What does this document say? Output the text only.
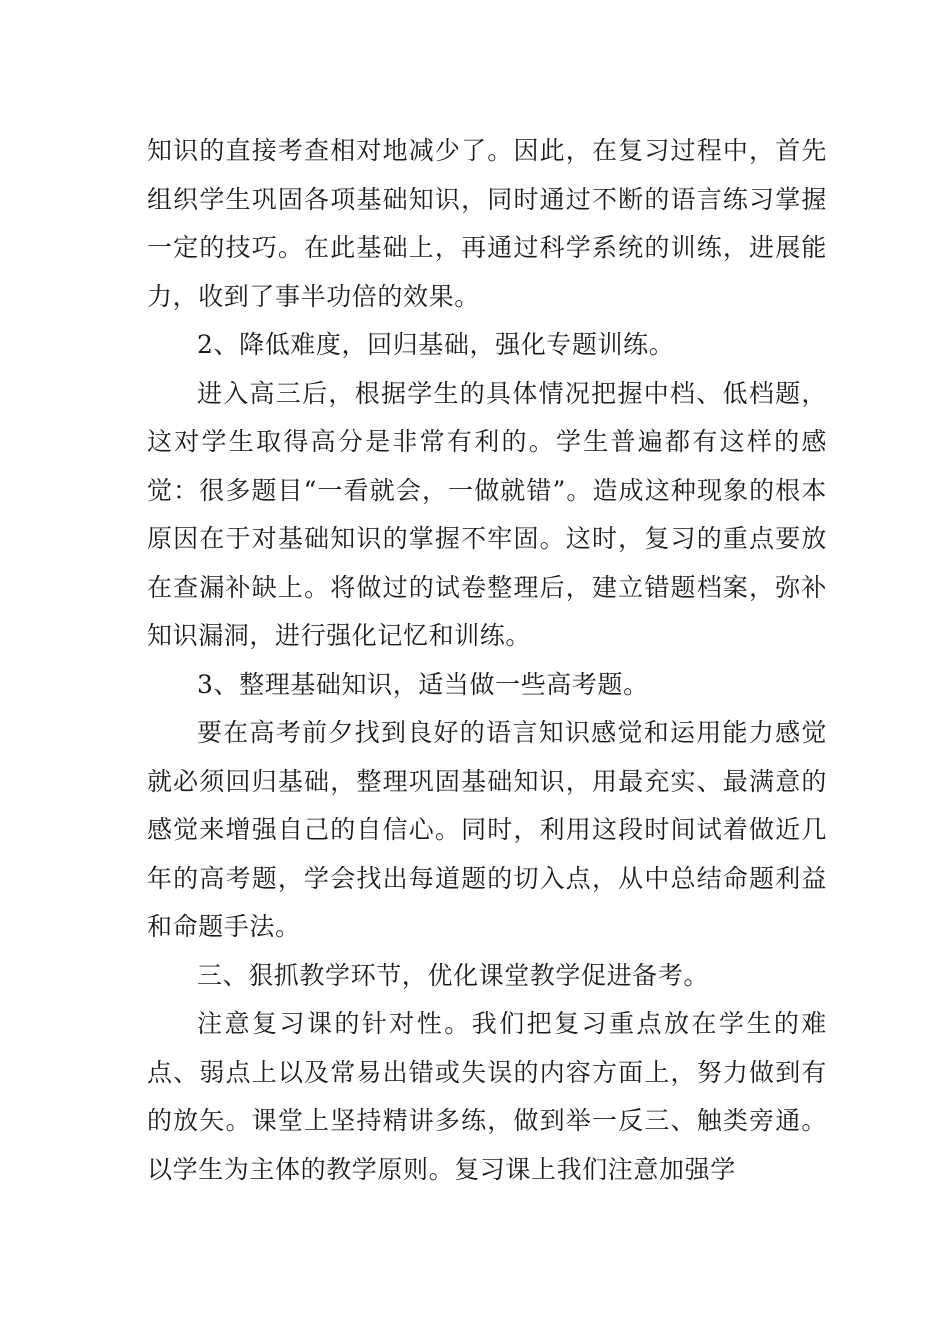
知识的直接考查相对地减少了。因此，在复习过程中，首先组织学生巩固各项基础知识，同时通过不断的语言练习掌握一定的技巧。在此基础上，再通过科学系统的训练，进展能力，收到了事半功倍的效果。

2、降低难度，回归基础，强化专题训练。

进入高三后，根据学生的具体情况把握中档、低档题，这对学生取得高分是非常有利的。学生普遍都有这样的感觉：很多题目“一看就会，一做就错”。造成这种现象的根本原因在于对基础知识的掌握不牢固。这时，复习的重点要放在查漏补缺上。将做过的试卷整理后，建立错题档案，弥补知识漏洞，进行强化记忆和训练。

3、整理基础知识，适当做一些高考题。

要在高考前夕找到良好的语言知识感觉和运用能力感觉就必须回归基础，整理巩固基础知识，用最充实、最满意的感觉来增强自己的自信心。同时，利用这段时间试着做近几年的高考题，学会找出每道题的切入点，从中总结命题利益和命题手法。

三、狠抓教学环节，优化课堂教学促进备考。

注意复习课的针对性。我们把复习重点放在学生的难点、弱点上以及常易出错或失误的内容方面上，努力做到有的放矢。课堂上坚持精讲多练，做到举一反三、触类旁通。以学生为主体的教学原则。复习课上我们注意加强学
